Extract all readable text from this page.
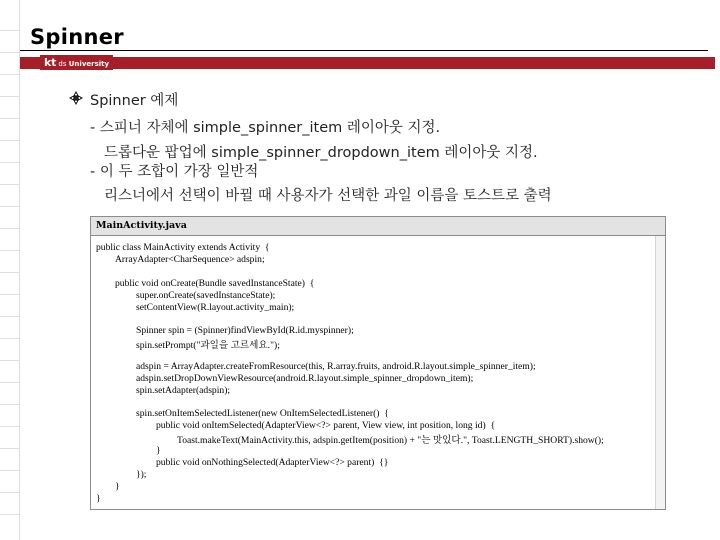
Spinner
kt ds University
Spinner 예제
- 스피너 자체에 simple_spinner_item 레이아웃 지정.
드롭다운 팝업에 simple_spinner_dropdown_item 레이아웃 지정.
- 이 두 조합이 가장 일반적
리스너에서 선택이 바뀔 때 사용자가 선택한 과일 이름을 토스트로 출력
MainActivity.java
public class MainActivity extends Activity  {
ArrayAdapter<CharSequence> adspin;
public void onCreate(Bundle savedInstanceState)  {
super.onCreate(savedInstanceState);
setContentView(R.layout.activity_main);
Spinner spin = (Spinner)findViewById(R.id.myspinner);
spin.setPrompt("과일을 고르세요.");
adspin = ArrayAdapter.createFromResource(this, R.array.fruits, android.R.layout.simple_spinner_item);
adspin.setDropDownViewResource(android.R.layout.simple_spinner_dropdown_item);
spin.setAdapter(adspin);
spin.setOnItemSelectedListener(new OnItemSelectedListener()  {
public void onItemSelected(AdapterView<?> parent, View view, int position, long id)  {
Toast.makeText(MainActivity.this, adspin.getItem(position) + "는 맛있다.", Toast.LENGTH_SHORT).show();
}
public void onNothingSelected(AdapterView<?> parent)  {}
});
}
}
